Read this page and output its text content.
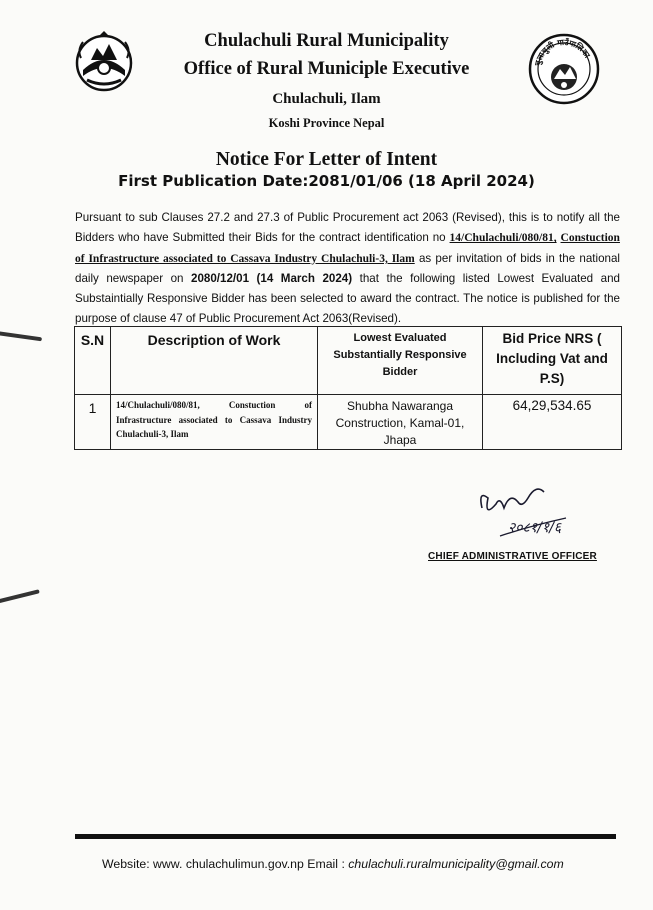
Chulachuli Rural Municipality
Office of Rural Municiple Executive
Chulachuli, Ilam
Koshi Province Nepal
चुलाचुली गाउँपालिका
Notice For Letter of Intent
First Publication Date:2081/01/06 (18 April 2024)
Pursuant to sub Clauses 27.2 and 27.3 of Public Procurement act 2063 (Revised), this is to notify all the Bidders who have Submitted their Bids for the contract identification no 14/Chulachuli/080/81, Constuction of Infrastructure associated to Cassava Industry Chulachuli-3, Ilam as per invitation of bids in the national daily newspaper on 2080/12/01 (14 March 2024) that the following listed Lowest Evaluated and Substaintially Responsive Bidder has been selected to award the contract. The notice is published for the purpose of clause 47 of Public Procurement Act 2063(Revised).
S.N	Description of Work	Lowest Evaluated Substantially Responsive Bidder	Bid Price NRS ( Including Vat and P.S)

1	14/Chulachuli/080/81, Constuction of Infrastructure associated to Cassava Industry Chulachuli-3, Ilam	Shubha Nawaranga Construction, Kamal-01, Jhapa	64,29,534.65
२०८१/१/६
CHIEF ADMINISTRATIVE OFFICER
Website: www. chulachulimun.gov.np Email : chulachuli.ruralmunicipality@gmail.com
